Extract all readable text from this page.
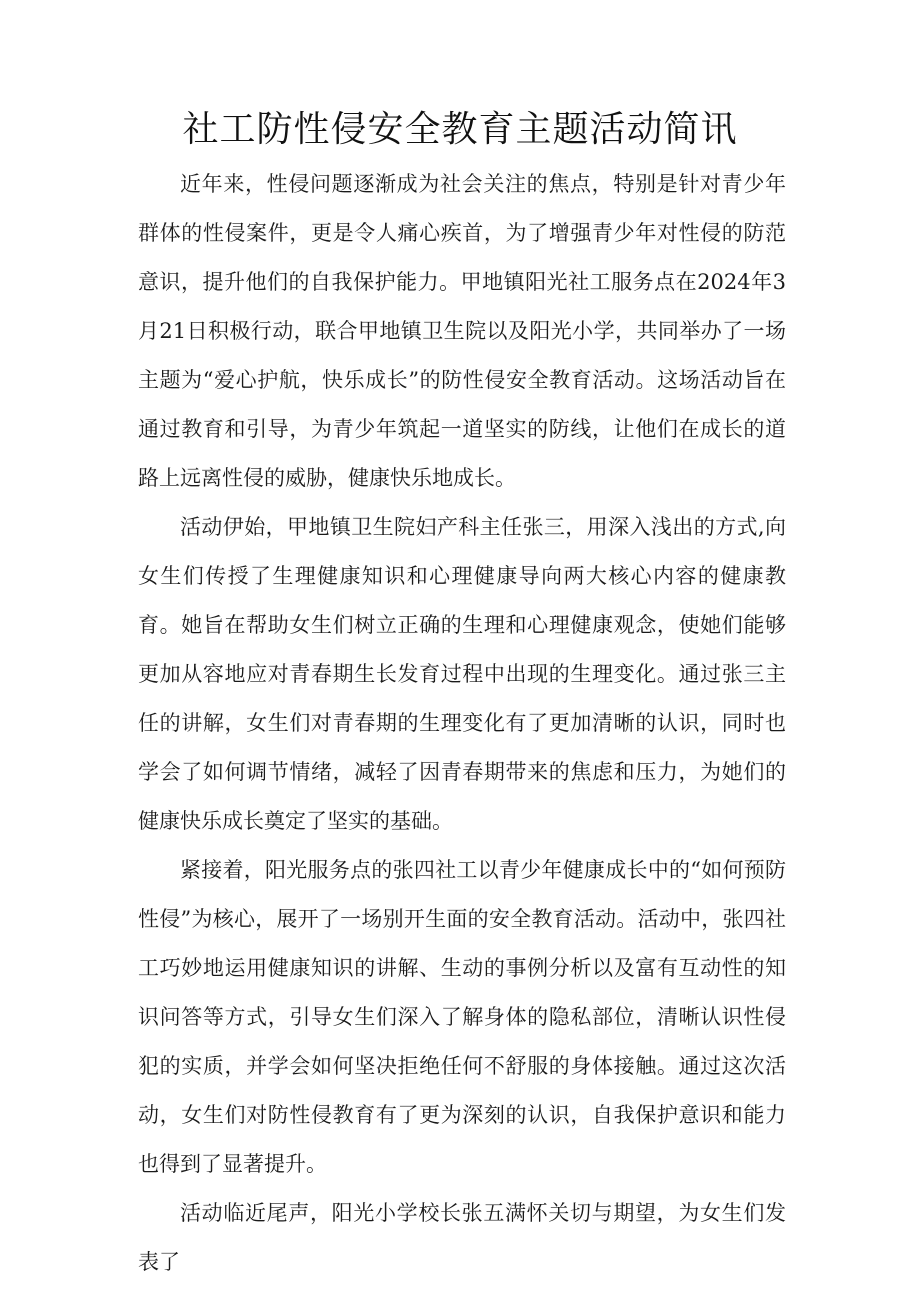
社工防性侵安全教育主题活动简讯

近年来，性侵问题逐渐成为社会关注的焦点，特别是针对青少年群体的性侵案件，更是令人痛心疾首，为了增强青少年对性侵的防范意识，提升他们的自我保护能力。甲地镇阳光社工服务点在2024年3月21日积极行动，联合甲地镇卫生院以及阳光小学，共同举办了一场主题为“爱心护航，快乐成长”的防性侵安全教育活动。这场活动旨在通过教育和引导，为青少年筑起一道坚实的防线，让他们在成长的道路上远离性侵的威胁，健康快乐地成长。

活动伊始，甲地镇卫生院妇产科主任张三，用深入浅出的方式,向女生们传授了生理健康知识和心理健康导向两大核心内容的健康教育。她旨在帮助女生们树立正确的生理和心理健康观念，使她们能够更加从容地应对青春期生长发育过程中出现的生理变化。通过张三主任的讲解，女生们对青春期的生理变化有了更加清晰的认识，同时也学会了如何调节情绪，减轻了因青春期带来的焦虑和压力，为她们的健康快乐成长奠定了坚实的基础。

紧接着，阳光服务点的张四社工以青少年健康成长中的“如何预防性侵”为核心，展开了一场别开生面的安全教育活动。活动中，张四社工巧妙地运用健康知识的讲解、生动的事例分析以及富有互动性的知识问答等方式，引导女生们深入了解身体的隐私部位，清晰认识性侵犯的实质，并学会如何坚决拒绝任何不舒服的身体接触。通过这次活动，女生们对防性侵教育有了更为深刻的认识，自我保护意识和能力也得到了显著提升。

活动临近尾声，阳光小学校长张五满怀关切与期望，为女生们发表了
